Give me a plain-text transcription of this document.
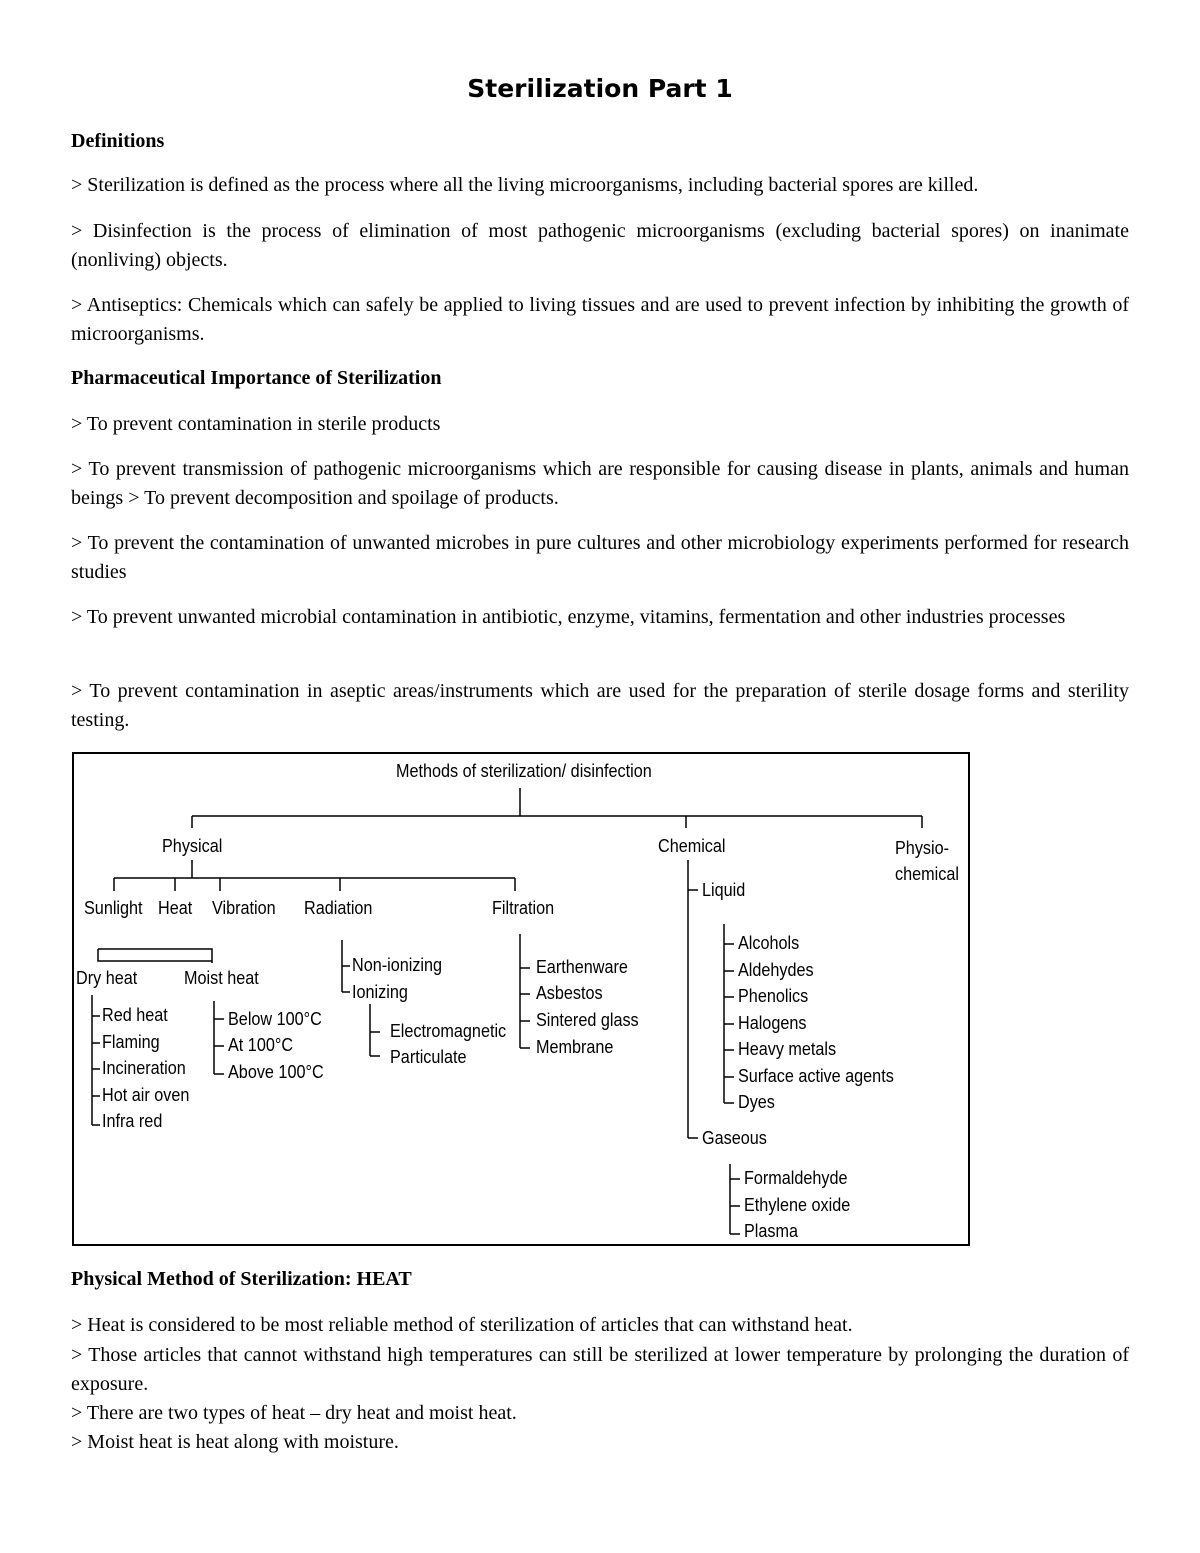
Sterilization Part 1
Definitions
> Sterilization is defined as the process where all the living microorganisms, including bacterial spores are killed.
> Disinfection is the process of elimination of most pathogenic microorganisms (excluding bacterial spores) on inanimate (nonliving) objects.
> Antiseptics: Chemicals which can safely be applied to living tissues and are used to prevent infection by inhibiting the growth of microorganisms.
Pharmaceutical Importance of Sterilization
> To prevent contamination in sterile products
> To prevent transmission of pathogenic microorganisms which are responsible for causing disease in plants, animals and human beings > To prevent decomposition and spoilage of products.
> To prevent the contamination of unwanted microbes in pure cultures and other microbiology experiments performed for research studies
> To prevent unwanted microbial contamination in antibiotic, enzyme, vitamins, fermentation and other industries processes
> To prevent contamination in aseptic areas/instruments which are used for the preparation of sterile dosage forms and sterility testing.
Methods of sterilization/ disinfection
Physical	Chemical	Physio-
chemical
Sunlight Heat Vibration Radiation	Filtration
Dry heat	Moist heat
Red heat
Flaming
Incineration
Hot air oven
Infra red
Below 100°C
At 100°C
Above 100°C
Non-ionizing
Ionizing
Electromagnetic
Particulate
Earthenware
Asbestos
Sintered glass
Membrane
Liquid
Alcohols
Aldehydes
Phenolics
Halogens
Heavy metals
Surface active agents
Dyes
Gaseous
Formaldehyde
Ethylene oxide
Plasma
Physical Method of Sterilization: HEAT
> Heat is considered to be most reliable method of sterilization of articles that can withstand heat.
> Those articles that cannot withstand high temperatures can still be sterilized at lower temperature by prolonging the duration of exposure.
> There are two types of heat – dry heat and moist heat.
> Moist heat is heat along with moisture.
